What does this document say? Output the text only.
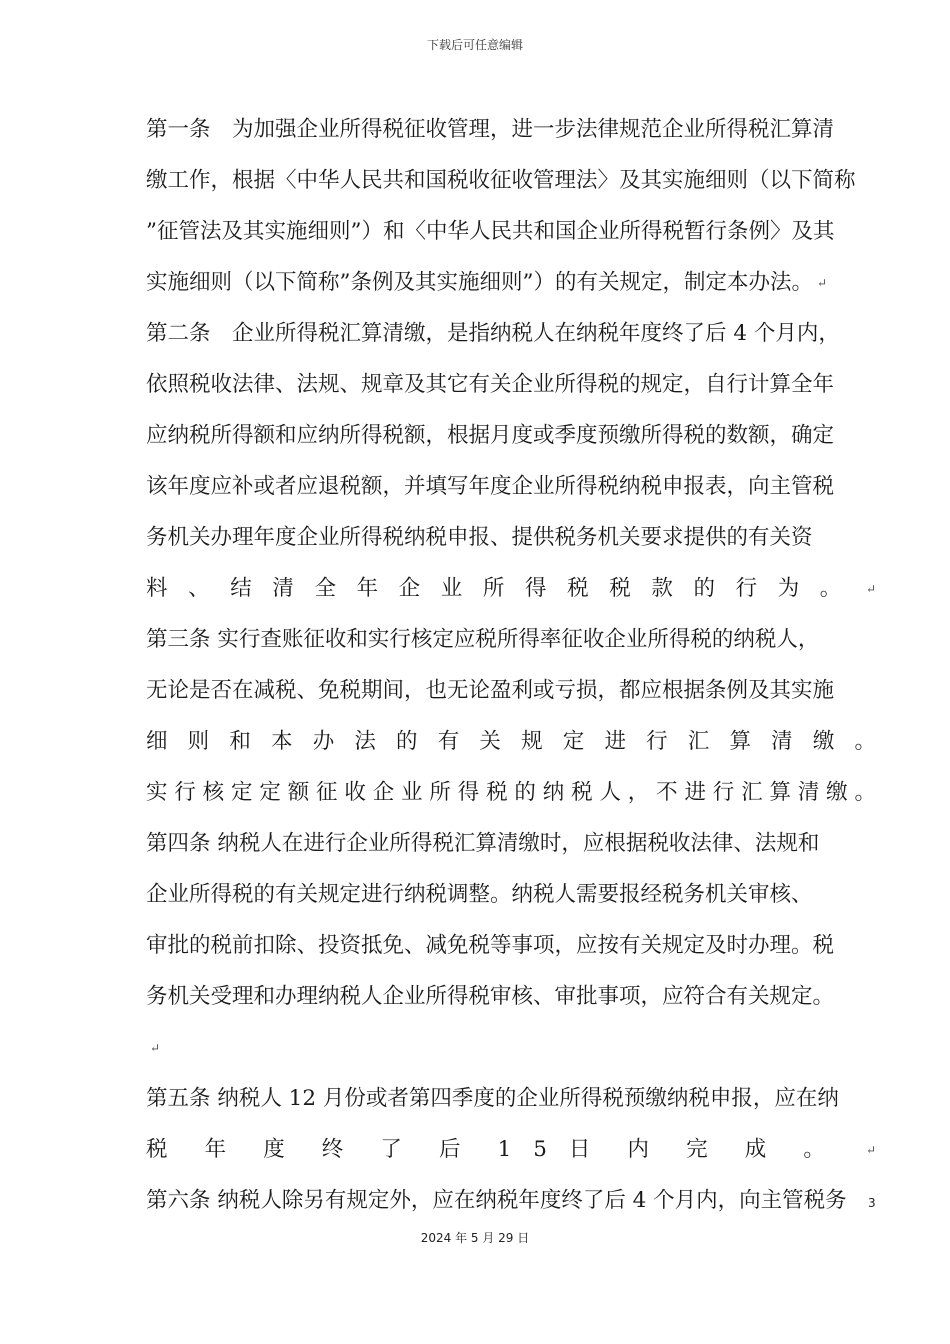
下载后可任意编辑
第一条　为加强企业所得税征收管理，进一步法律规范企业所得税汇算清
缴工作，根据〈中华人民共和国税收征收管理法〉及其实施细则（以下简称
”征管法及其实施细则”）和〈中华人民共和国企业所得税暂行条例〉及其
实施细则（以下简称”条例及其实施细则”）的有关规定，制定本办法。 ↵
第二条　企业所得税汇算清缴，是指纳税人在纳税年度终了后 4 个月内，
依照税收法律、法规、规章及其它有关企业所得税的规定，自行计算全年
应纳税所得额和应纳所得税额，根据月度或季度预缴所得税的数额，确定
该年度应补或者应退税额，并填写年度企业所得税纳税申报表，向主管税
务机关办理年度企业所得税纳税申报、提供税务机关要求提供的有关资
料 、 结 清 全 年 企 业 所 得 税 税 款 的 行 为 。 ↵
第三条 实行查账征收和实行核定应税所得率征收企业所得税的纳税人，
无论是否在减税、免税期间，也无论盈利或亏损，都应根据条例及其实施
细 则 和 本 办 法 的 有 关 规 定 进 行 汇 算 清 缴 。
实 行 核 定 定 额 征 收 企 业 所 得 税 的 纳 税 人 ， 不 进 行 汇 算 清 缴 。
第四条 纳税人在进行企业所得税汇算清缴时，应根据税收法律、法规和
企业所得税的有关规定进行纳税调整。纳税人需要报经税务机关审核、
审批的税前扣除、投资抵免、减免税等事项，应按有关规定及时办理。税
务机关受理和办理纳税人企业所得税审核、审批事项，应符合有关规定。
↵
第五条 纳税人 12 月份或者第四季度的企业所得税预缴纳税申报，应在纳
税 年 度 终 了 后 1 5 日 内 完 成 。 ↵
第六条 纳税人除另有规定外，应在纳税年度终了后 4 个月内，向主管税务	3
2024 年 5 月 29 日
